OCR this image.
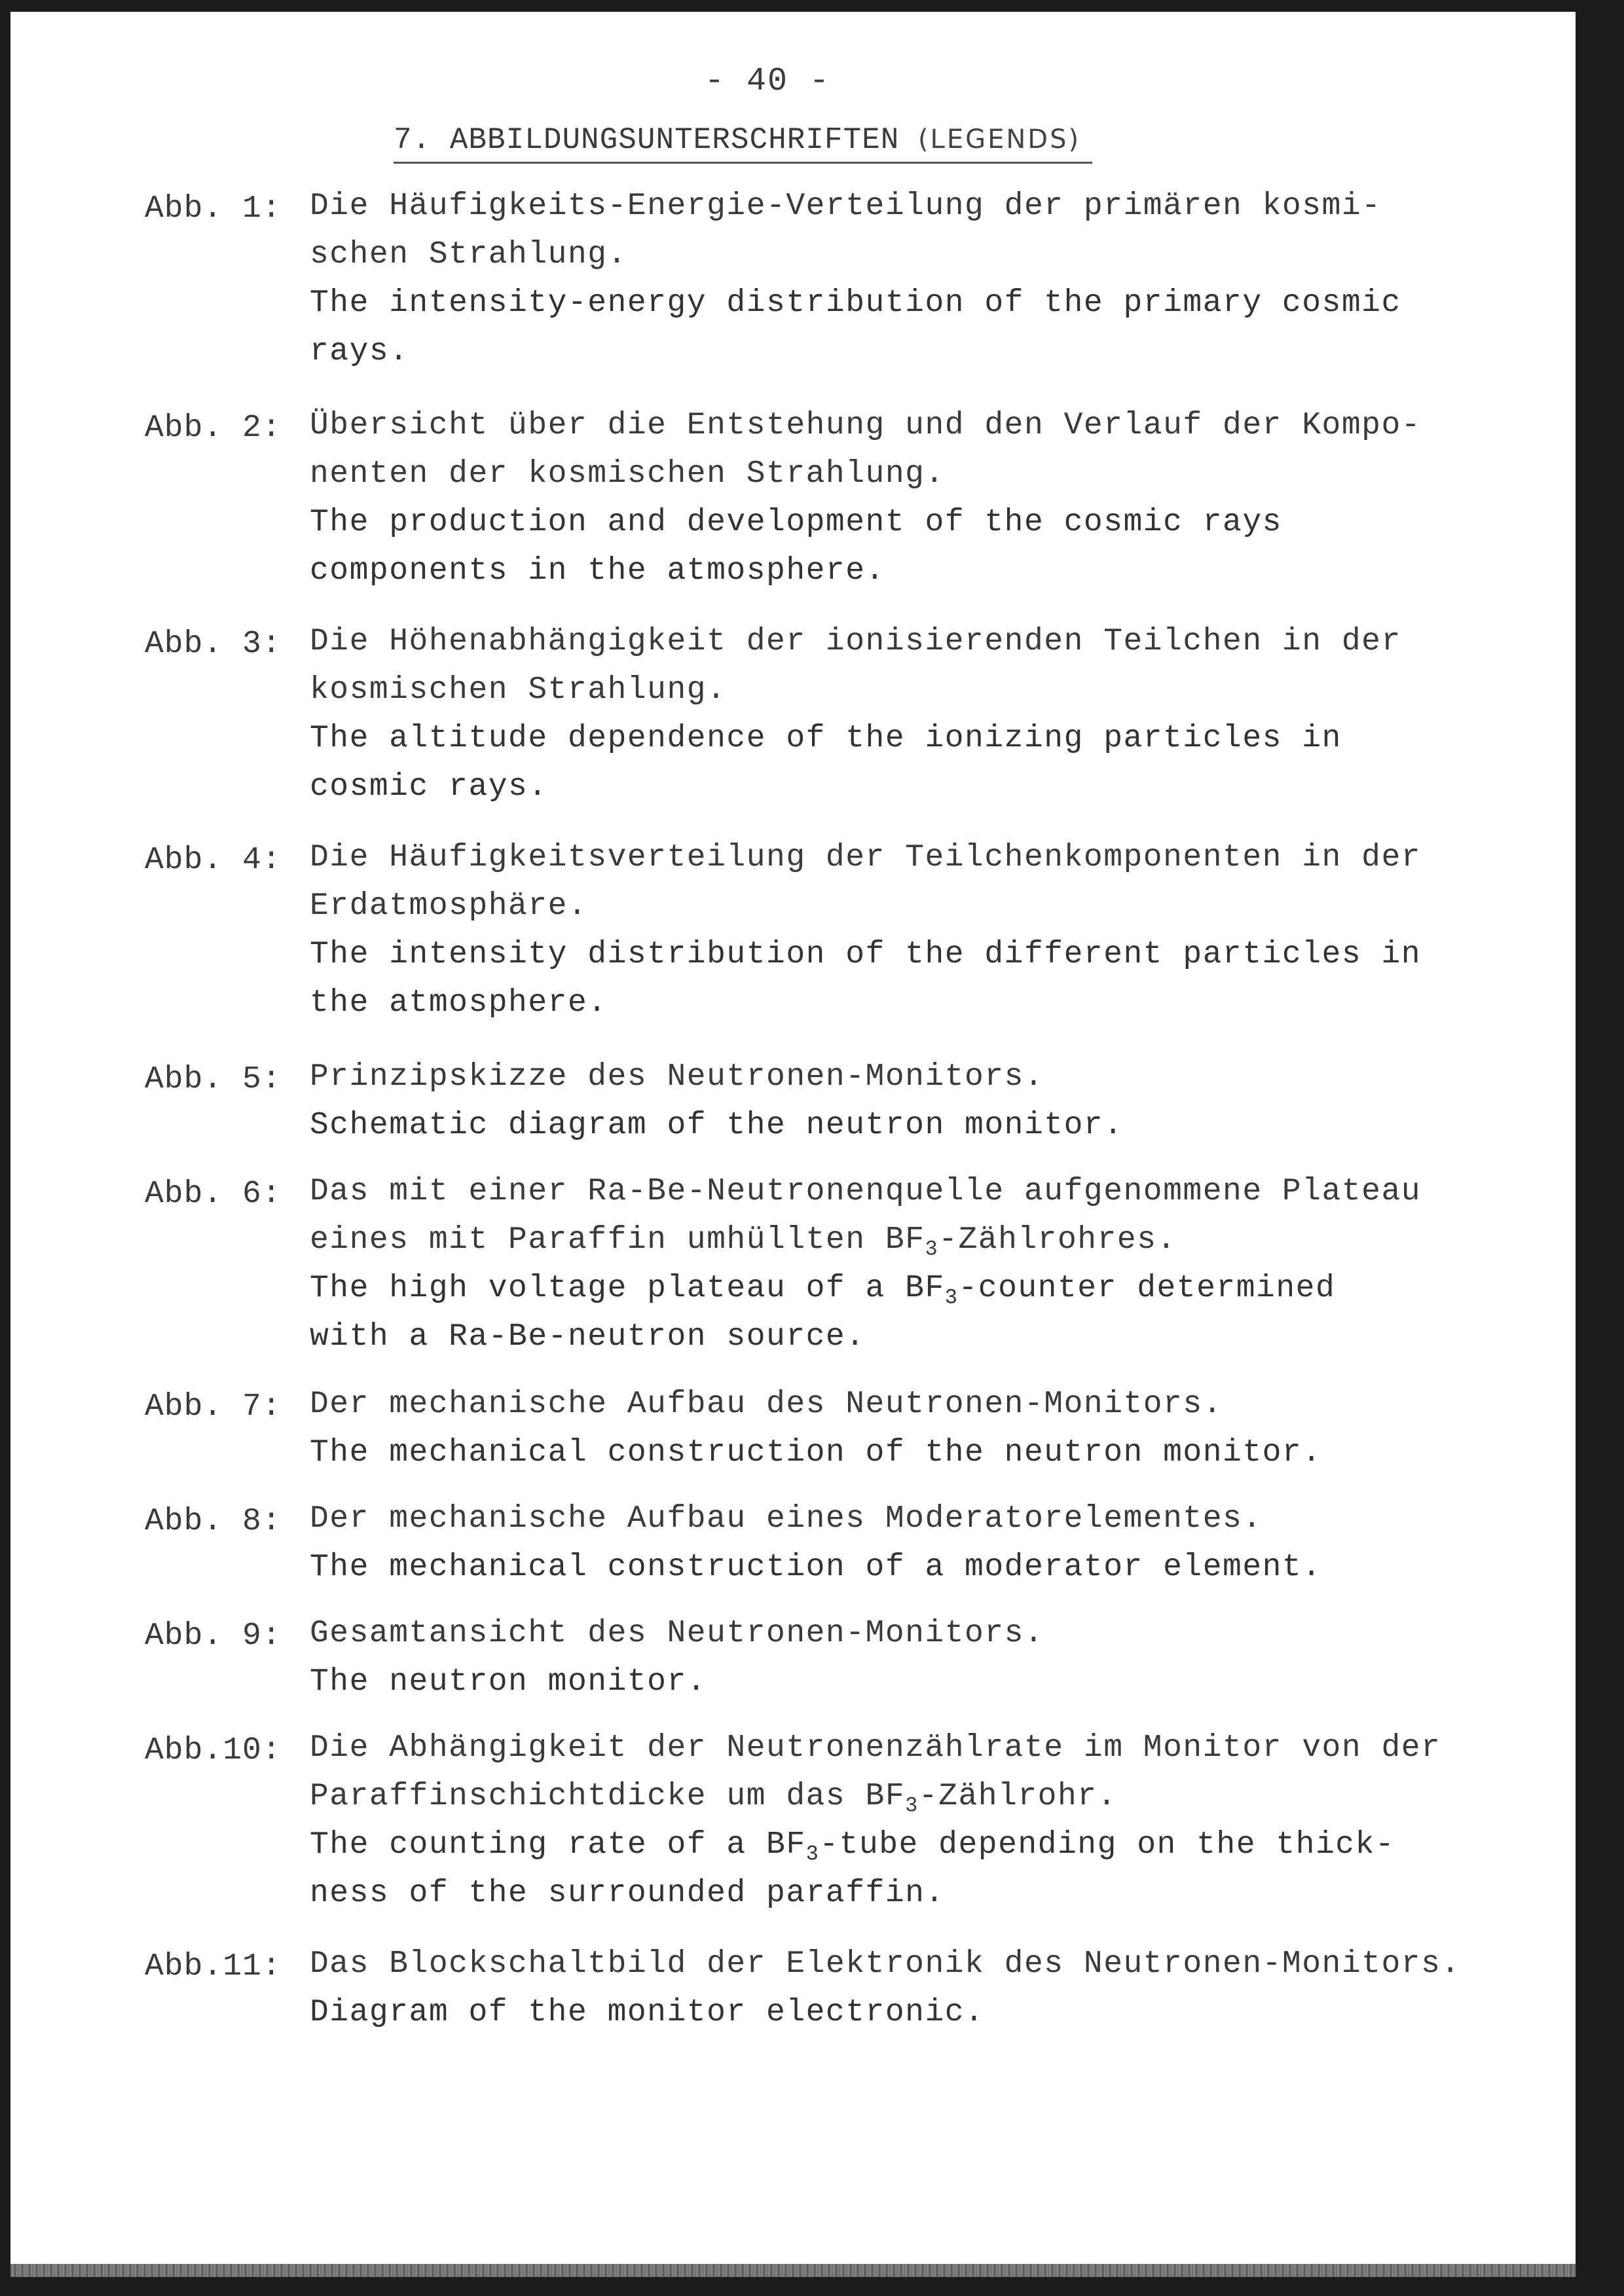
- 40 -
7. ABBILDUNGSUNTERSCHRIFTEN (LEGENDS)
Abb. 1: Die Häufigkeits-Energie-Verteilung der primären kosmi-
schen Strahlung.
The intensity-energy distribution of the primary cosmic
rays.
Abb. 2: Übersicht über die Entstehung und den Verlauf der Kompo-
nenten der kosmischen Strahlung.
The production and development of the cosmic rays
components in the atmosphere.
Abb. 3: Die Höhenabhängigkeit der ionisierenden Teilchen in der
kosmischen Strahlung.
The altitude dependence of the ionizing particles in
cosmic rays.
Abb. 4: Die Häufigkeitsverteilung der Teilchenkomponenten in der
Erdatmosphäre.
The intensity distribution of the different particles in
the atmosphere.
Abb. 5: Prinzipskizze des Neutronen-Monitors.
Schematic diagram of the neutron monitor.
Abb. 6: Das mit einer Ra-Be-Neutronenquelle aufgenommene Plateau
eines mit Paraffin umhüllten $BF_3$-Zählrohres.
The high voltage plateau of a $BF_3$-counter determined
with a Ra-Be-neutron source.
Abb. 7: Der mechanische Aufbau des Neutronen-Monitors.
The mechanical construction of the neutron monitor.
Abb. 8: Der mechanische Aufbau eines Moderatorelementes.
The mechanical construction of a moderator element.
Abb. 9: Gesamtansicht des Neutronen-Monitors.
The neutron monitor.
Abb.10: Die Abhängigkeit der Neutronenzählrate im Monitor von der
Paraffinschichtdicke um das $BF_3$-Zählrohr.
The counting rate of a $BF_3$-tube depending on the thick-
ness of the surrounded paraffin.
Abb.11: Das Blockschaltbild der Elektronik des Neutronen-Monitors.
Diagram of the monitor electronic.
